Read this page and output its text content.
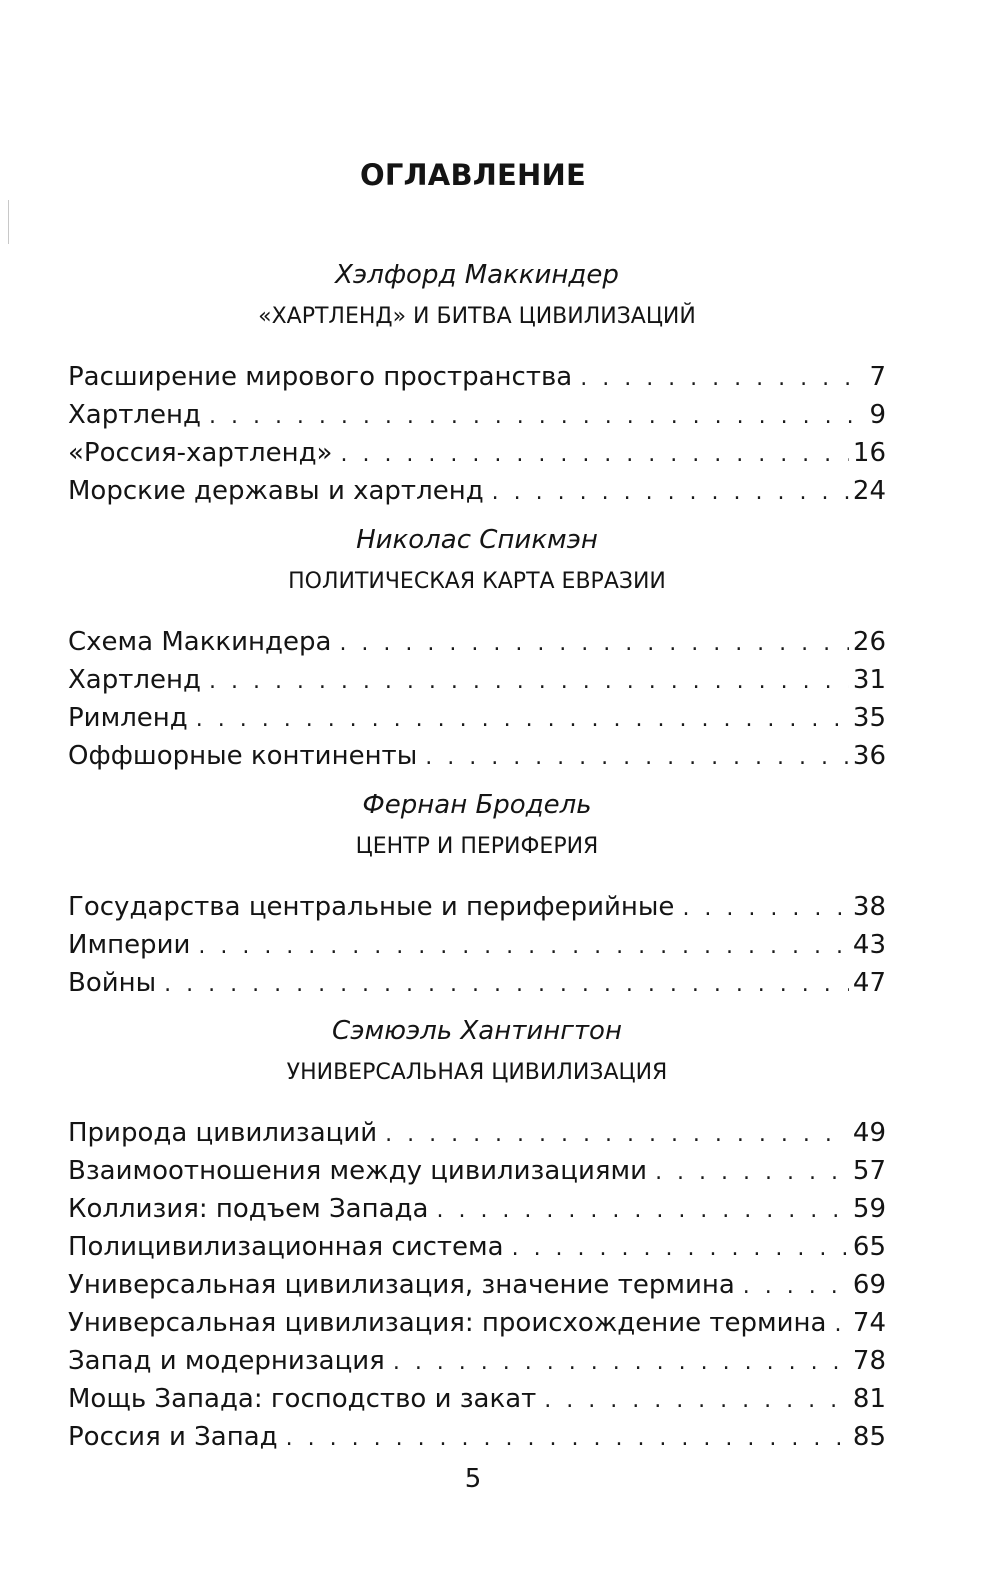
ОГЛАВЛЕНИЕ
Хэлфорд Маккиндер
«ХАРТЛЕНД» И БИТВА ЦИВИЛИЗАЦИЙ
Расширение мирового пространства . . .	7
Хартленд . . .	9
«Россия-хартленд» . . .	16
Морские державы и хартленд . . .	24
Николас Спикмэн
ПОЛИТИЧЕСКАЯ КАРТА ЕВРАЗИИ
Схема Маккиндера . . .	26
Хартленд . . .	31
Римленд . . .	35
Оффшорные континенты . . .	36
Фернан Бродель
ЦЕНТР И ПЕРИФЕРИЯ
Государства центральные и периферийные . . .	38
Империи . . .	43
Войны . . .	47
Сэмюэль Хантингтон
УНИВЕРСАЛЬНАЯ ЦИВИЛИЗАЦИЯ
Природа цивилизаций . . .	49
Взаимоотношения между цивилизациями . . .	57
Коллизия: подъем Запада . . .	59
Полицивилизационная система . . .	65
Универсальная цивилизация, значение термина . . .	69
Универсальная цивилизация: происхождение термина . . .	74
Запад и модернизация . . .	78
Мощь Запада: господство и закат . . .	81
Россия и Запад . . .	85
5
